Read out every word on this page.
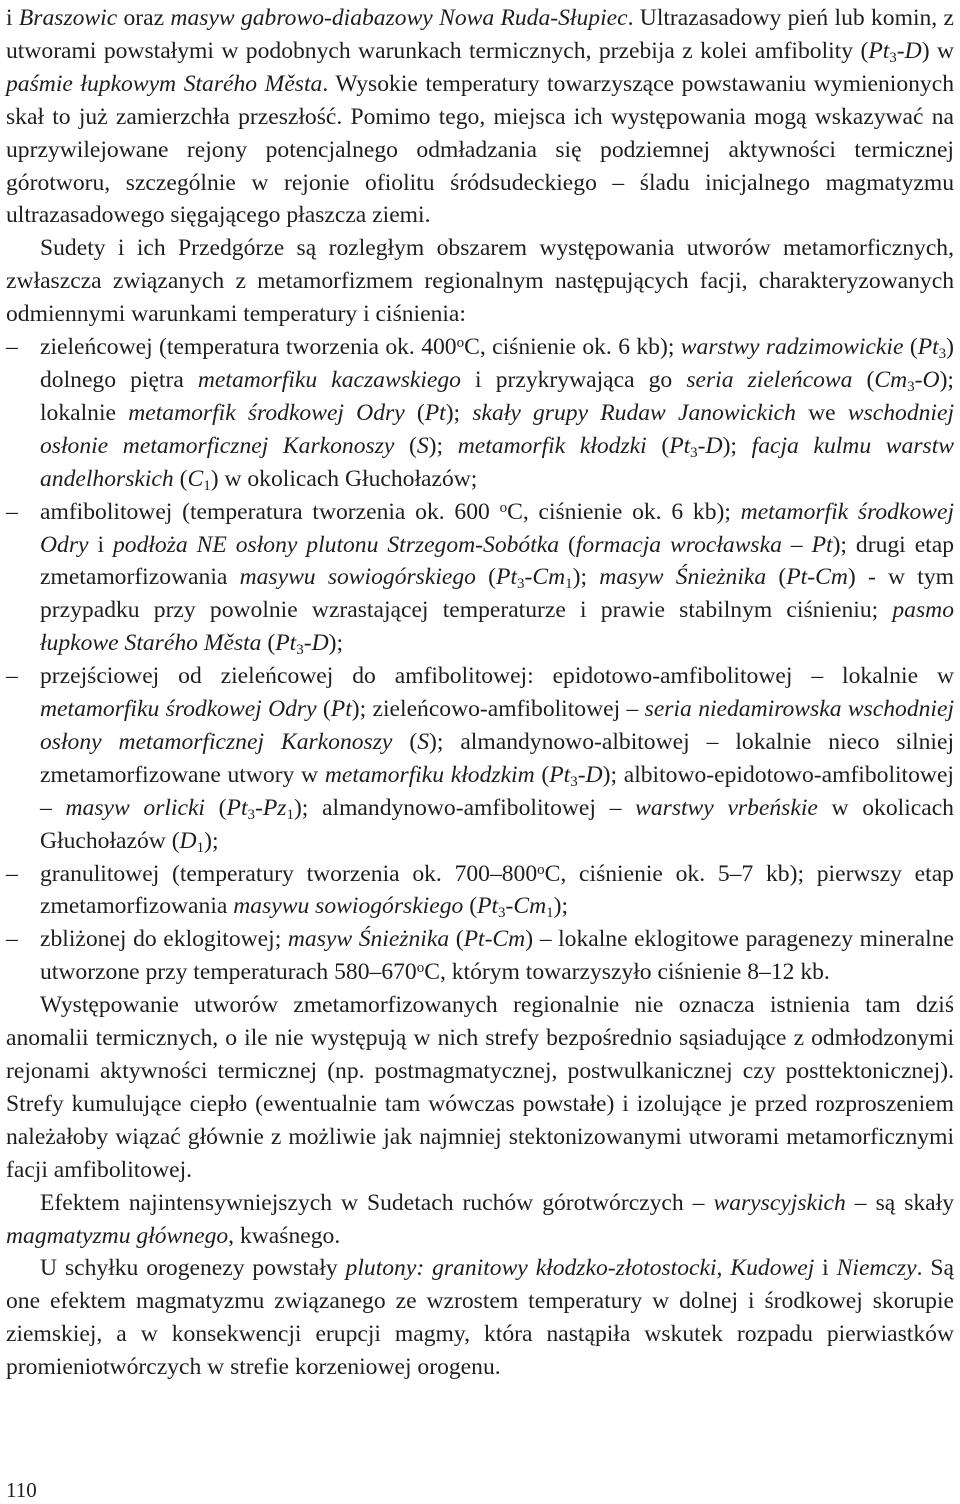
i Braszowic oraz masyw gabrowo-diabazowy Nowa Ruda-Słupiec. Ultrazasadowy pień lub komin, z utworami powstałymi w podobnych warunkach termicznych, przebija z kolei amfibolity $(Pt_3-D)$ w paśmie łupkowym Starého Města. Wysokie temperatury towarzyszące powstawaniu wymienionych skał to już zamierzchła przeszłość. Pomimo tego, miejsca ich występowania mogą wskazywać na uprzywilejowane rejony potencjalnego odmładzania się podziemnej aktywności termicznej górotworu, szczególnie w rejonie ofiolitu śródsudeckiego – śladu inicjalnego magmatyzmu ultrazasadowego sięgającego płaszcza ziemi.

Sudety i ich Przedgórze są rozległym obszarem występowania utworów metamorficznych, zwłaszcza związanych z metamorfizmem regionalnym następujących facji, charakteryzowanych odmiennymi warunkami temperatury i ciśnienia:

– zieleńcowej (temperatura tworzenia ok. 400$^o$C, ciśnienie ok. 6 kb); warstwy radzimowickie $(Pt_3)$ dolnego piętra metamorfiku kaczawskiego i przykrywająca go seria zieleńcowa $(Cm_3-O)$; lokalnie metamorfik środkowej Odry (Pt); skały grupy Rudaw Janowickich we wschodniej osłonie metamorficznej Karkonoszy (S); metamorfik kłodzki $(Pt_3-D)$; facja kulmu warstw andelhorskich $(C_1)$ w okolicach Głuchołazów;
– amfibolitowej (temperatura tworzenia ok. 600 $^o$C, ciśnienie ok. 6 kb); metamorfik środkowej Odry i podłoża NE osłony plutonu Strzegom-Sobótka (formacja wrocławska – Pt); drugi etap zmetamorfizowania masywu sowiogórskiego $(Pt_3-Cm_1)$; masyw Śnieżnika (Pt-Cm) - w tym przypadku przy powolnie wzrastającej temperaturze i prawie stabilnym ciśnieniu; pasmo łupkowe Starého Města $(Pt_3-D)$;
– przejściowej od zieleńcowej do amfibolitowej: epidotowo-amfibolitowej – lokalnie w metamorfiku środkowej Odry (Pt); zieleńcowo-amfibolitowej – seria niedamirowska wschodniej osłony metamorficznej Karkonoszy (S); almandynowo-albitowej – lokalnie nieco silniej zmetamorfizowane utwory w metamorfiku kłodzkim $(Pt_3-D)$; albitowo-epidotowo-amfibolitowej – masyw orlicki $(Pt_3-Pz_1)$; almandynowo-amfibolitowej – warstwy vrbeńskie w okolicach Głuchołazów $(D_1)$;
– granulitowej (temperatury tworzenia ok. 700–800$^o$C, ciśnienie ok. 5–7 kb); pierwszy etap zmetamorfizowania masywu sowiogórskiego $(Pt_3-Cm_1)$;
– zbliżonej do eklogitowej; masyw Śnieżnika (Pt-Cm) – lokalne eklogitowe paragenezy mineralne utworzone przy temperaturach 580–670$^o$C, którym towarzyszyło ciśnienie 8–12 kb.

Występowanie utworów zmetamorfizowanych regionalnie nie oznacza istnienia tam dziś anomalii termicznych, o ile nie występują w nich strefy bezpośrednio sąsiadujące z odmłodzonymi rejonami aktywności termicznej (np. postmagmatycznej, postwulkanicznej czy posttektonicznej). Strefy kumulujące ciepło (ewentualnie tam wówczas powstałe) i izolujące je przed rozproszeniem należałoby wiązać głównie z możliwie jak najmniej stektonizowanymi utworami metamorficznymi facji amfibolitowej.

Efektem najintensywniejszych w Sudetach ruchów górotwórczych – waryscyjskich – są skały magmatyzmu głównego, kwaśnego.

U schyłku orogenezy powstały plutony: granitowy kłodzko-złotostocki, Kudowej i Niemczy. Są one efektem magmatyzmu związanego ze wzrostem temperatury w dolnej i środkowej skorupie ziemskiej, a w konsekwencji erupcji magmy, która nastąpiła wskutek rozpadu pierwiastków promieniotwórczych w strefie korzeniowej orogenu.

110
